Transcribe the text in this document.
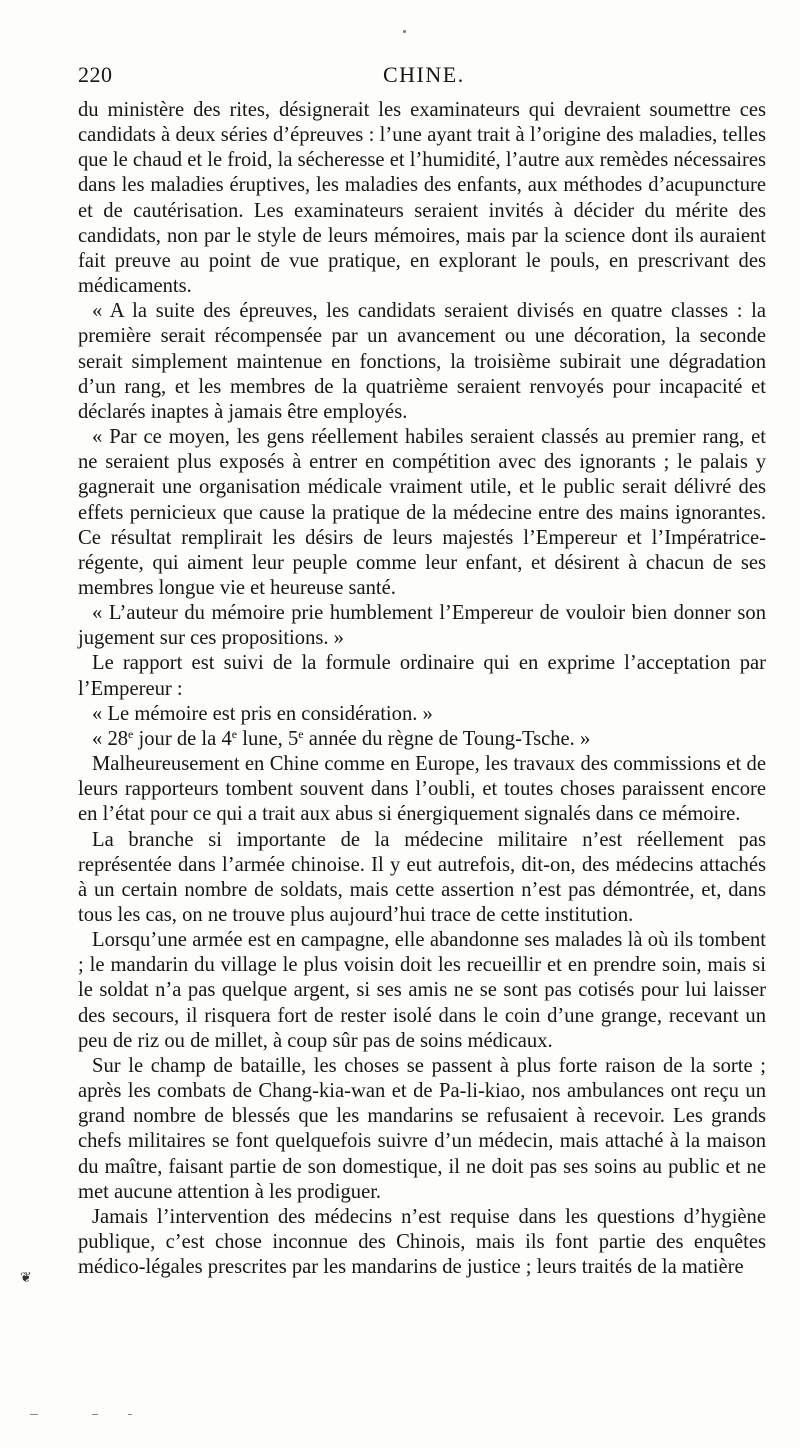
220	CHINE.

du ministère des rites, désignerait les examinateurs qui devraient soumettre ces candidats à deux séries d’épreuves : l’une ayant trait à l’origine des maladies, telles que le chaud et le froid, la sécheresse et l’humidité, l’autre aux remèdes nécessaires dans les maladies éruptives, les maladies des enfants, aux méthodes d’acupuncture et de cautérisation. Les examinateurs seraient invités à décider du mérite des candidats, non par le style de leurs mémoires, mais par la science dont ils auraient fait preuve au point de vue pratique, en explorant le pouls, en prescrivant des médicaments.

« A la suite des épreuves, les candidats seraient divisés en quatre classes : la première serait récompensée par un avancement ou une décoration, la seconde serait simplement maintenue en fonctions, la troisième subirait une dégradation d’un rang, et les membres de la quatrième seraient renvoyés pour incapacité et déclarés inaptes à jamais être employés.

« Par ce moyen, les gens réellement habiles seraient classés au premier rang, et ne seraient plus exposés à entrer en compétition avec des ignorants ; le palais y gagnerait une organisation médicale vraiment utile, et le public serait délivré des effets pernicieux que cause la pratique de la médecine entre des mains ignorantes. Ce résultat remplirait les désirs de leurs majestés l’Empereur et l’Impératrice-régente, qui aiment leur peuple comme leur enfant, et désirent à chacun de ses membres longue vie et heureuse santé.

« L’auteur du mémoire prie humblement l’Empereur de vouloir bien donner son jugement sur ces propositions. »

Le rapport est suivi de la formule ordinaire qui en exprime l’acceptation par l’Empereur :

« Le mémoire est pris en considération. »

« 28e jour de la 4e lune, 5e année du règne de Toung-Tsche. »

Malheureusement en Chine comme en Europe, les travaux des commissions et de leurs rapporteurs tombent souvent dans l’oubli, et toutes choses paraissent encore en l’état pour ce qui a trait aux abus si énergiquement signalés dans ce mémoire.

La branche si importante de la médecine militaire n’est réellement pas représentée dans l’armée chinoise. Il y eut autrefois, dit-on, des médecins attachés à un certain nombre de soldats, mais cette assertion n’est pas démontrée, et, dans tous les cas, on ne trouve plus aujourd’hui trace de cette institution.

Lorsqu’une armée est en campagne, elle abandonne ses malades là où ils tombent ; le mandarin du village le plus voisin doit les recueillir et en prendre soin, mais si le soldat n’a pas quelque argent, si ses amis ne se sont pas cotisés pour lui laisser des secours, il risquera fort de rester isolé dans le coin d’une grange, recevant un peu de riz ou de millet, à coup sûr pas de soins médicaux.

Sur le champ de bataille, les choses se passent à plus forte raison de la sorte ; après les combats de Chang-kia-wan et de Pa-li-kiao, nos ambulances ont reçu un grand nombre de blessés que les mandarins se refusaient à recevoir. Les grands chefs militaires se font quelquefois suivre d’un médecin, mais attaché à la maison du maître, faisant partie de son domestique, il ne doit pas ses soins au public et ne met aucune attention à les prodiguer.

Jamais l’intervention des médecins n’est requise dans les questions d’hygiène publique, c’est chose inconnue des Chinois, mais ils font partie des enquêtes médico-légales prescrites par les mandarins de justice ; leurs traités de la matière

❦
